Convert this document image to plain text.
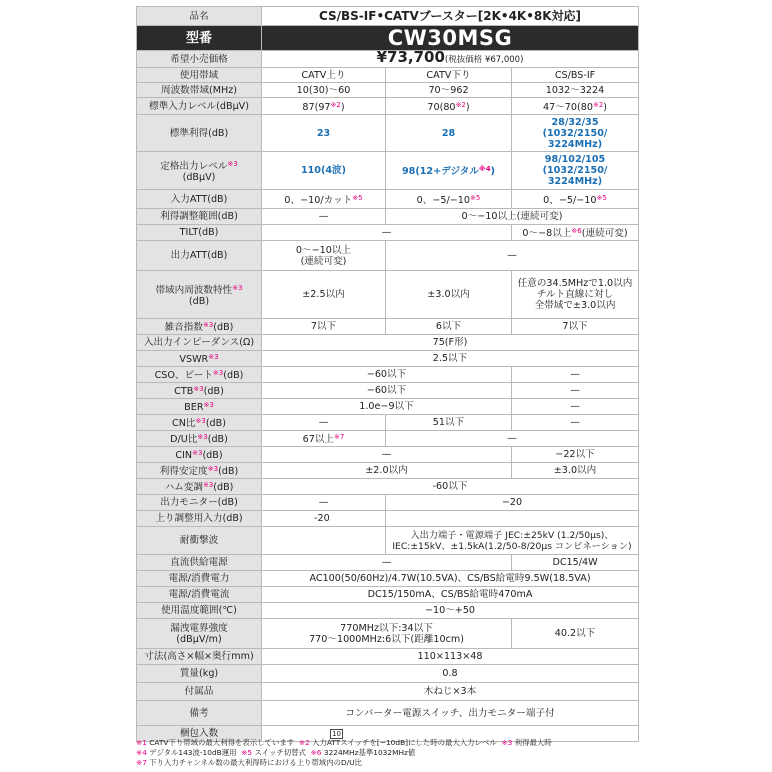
品名	CS/BS-IF•CATVブースター[2K•4K•8K対応]		
型番	CW30MSG		
希望小売価格	¥73,700(税抜価格 ¥67,000)		
使用帯域	CATV上り	CATV下り	CS/BS-IF
周波数帯域(MHz)	10(30)〜60	70〜962	1032〜3224
標準入力レベル(dBμV)	87(97$^{※2}$)	70(80$^{※2}$)	47〜70(80$^{※2}$)
標準利得(dB)	23	28	28/32/35
(1032/2150/
3224MHz)
定格出力レベル$^{※3}$
(dBμV)	110(4波)	98(12+デジタル$^{※4}$)	98/102/105
(1032/2150/
3224MHz)
入力ATT(dB)	0、−10/カット$^{※5}$	0、$-5/-10^{※5}$	0、$-5/-10^{※5}$
利得調整範囲(dB)	—	0〜−10以上(連続可変)	
TILT(dB)	—		0〜−8以上$^{※6}$(連続可変)
出力ATT(dB)	0〜−10以上
(連続可変)	—	
帯域内周波数特性$^{※3}$
(dB)	±2.5以内	±3.0以内	任意の34.5MHzで1.0以内
チルト直線に対し
全帯域で±3.0以内
雑音指数$^{※3}$(dB)	7以下	6以下	7以下
入出力インピーダンス(Ω)	75(F形)		
VSWR$^{※3}$	2.5以下		
CSO、ビート$^{※3}$(dB)	−60以下		—
$CTB^{※3}(dB)$	−60以下		—
BER$^{※3}$	1.0e−9以下		—
CN比$^{※3}$(dB)	—	51以下	—
D/U比$^{※3}$(dB)	67以上$^{※7}$	—	
CIN$^{※3}$(dB)	—		−22以下
利得安定度$^{※3}$(dB)	±2.0以内		±3.0以内
ハム変調$^{※3}$(dB)	-60以下		
出力モニター(dB)	—	−20	
上り調整用入力(dB)	-20		
耐衝撃波		入出力端子・電源端子 JEC:±25kV (1.2/50μs)、
IEC:±15kV、±1.5kA(1.2/50-8/20μs コンビネーション)	
直流供給電源	—		DC15/4W
電源/消費電力	AC100(50/60Hz)/4.7W(10.5VA)、CS/BS給電時9.5W(18.5VA)		
電源/消費電流	DC15/150mA、CS/BS給電時470mA		
使用温度範囲(℃)	−10〜+50		
漏洩電界強度
(dBμV/m)	770MHz以下:34以下
770〜1000MHz:6以下(距離10cm)		40.2以下
寸法(高さ×幅×奥行mm)	110×113×48		
質量(kg)	0.8		
付属品	木ねじ×3本		
備考	コンバーター電源スイッチ、出力モニター端子付		
梱包入数	10		
※1 CATV下り帯域の最大利得を表示しています ※2 入力ATTスイッチを[−10dB]にした時の最大入力レベル ※3 利得最大時
※4 デジタル143波-10dB運用 ※5 スイッチ切替式 ※6 3224MHz基準1032MHz値
※7 下り入力チャンネル数の最大利得時における上り帯域内のD/U比
